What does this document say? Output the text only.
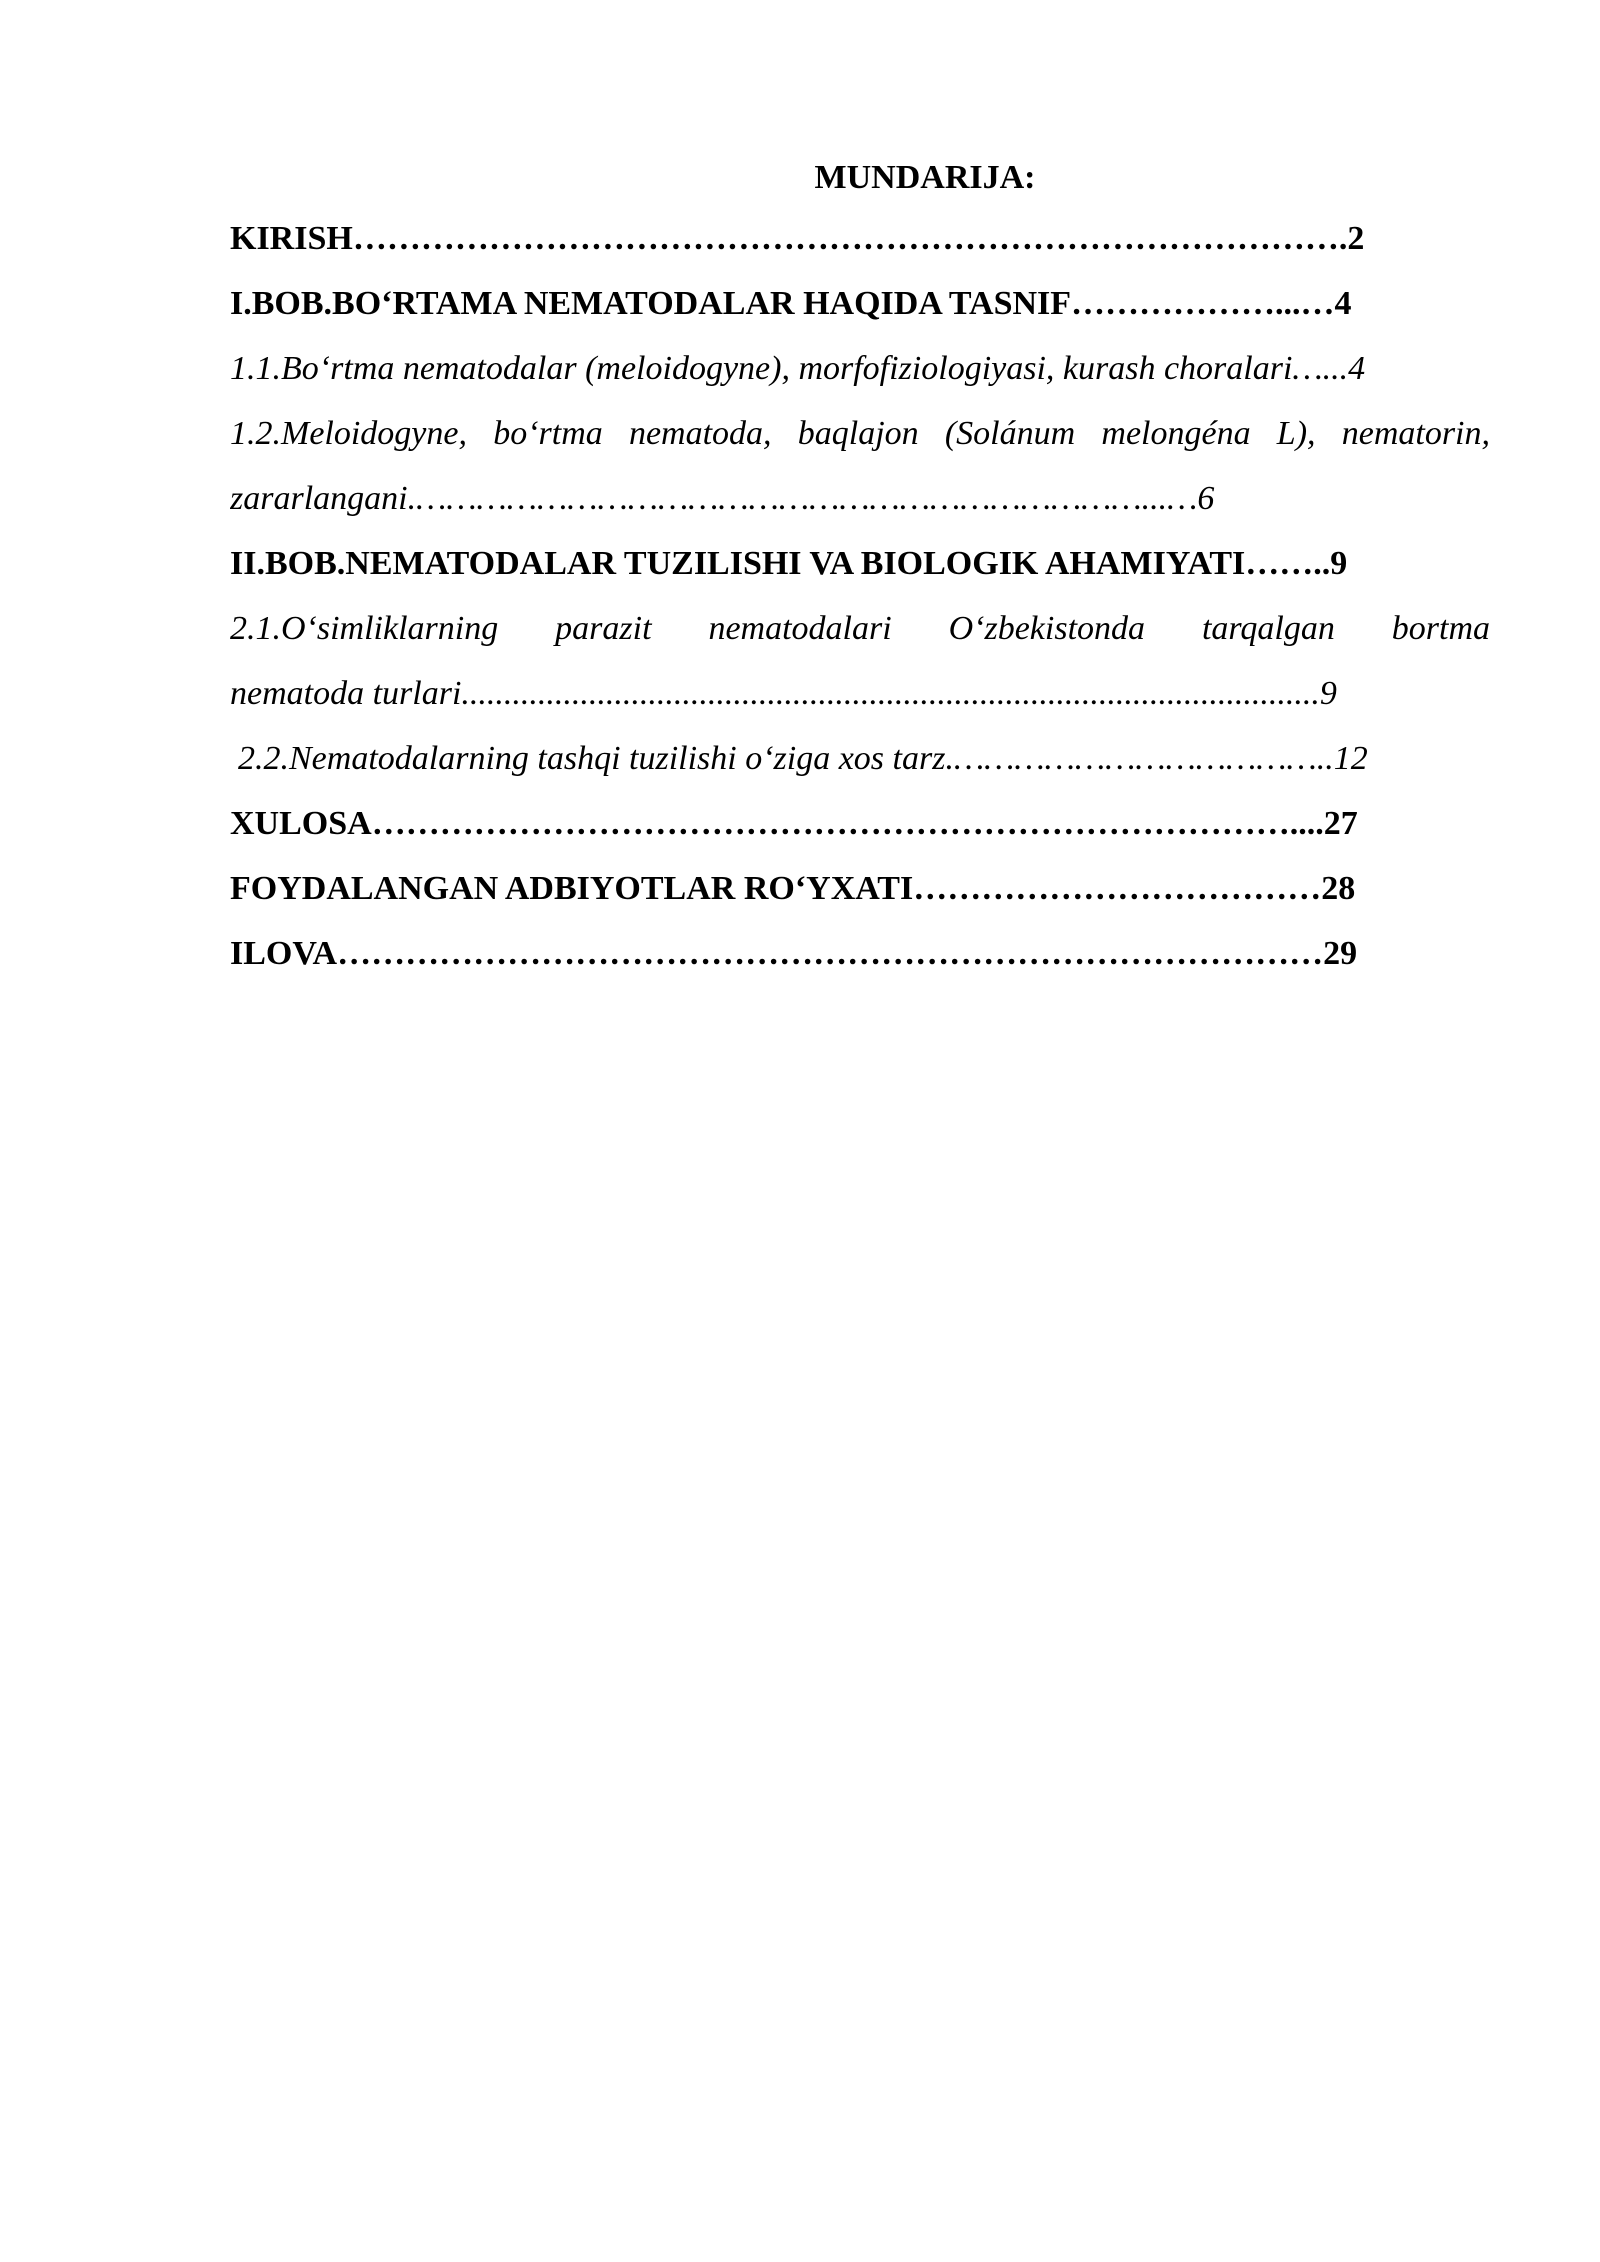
MUNDARIJA:
KIRISH…………………………………………………………………………….2
I.BOB.BO‘RTAMA NEMATODALAR HAQIDA TASNIF………………...…4
1.1.Bo‘rtma nematodalar (meloidogyne), morfofiziologiyasi, kurash choralari…...4
1.2.Meloidogyne, bo‘rtma nematoda, baqlajon (Solánum melongéna L), nematorin,
zararlangani.………………………………………………………………...…6
II.BOB.NEMATODALAR TUZILISHI VA BIOLOGIK AHAMIYATI……..9
2.1.O‘simliklarning parazit nematodalari O‘zbekistonda tarqalgan bortma
nematoda turlari.....................................................................................................9
2.2.Nematodalarning tashqi tuzilishi o‘ziga xos tarz.………………………………..12
XULOSA………………………………………………………………………....27
FOYDALANGAN ADBIYOTLAR RO‘YXATI………………………………28
ILOVA……………………………………………………………………………29
